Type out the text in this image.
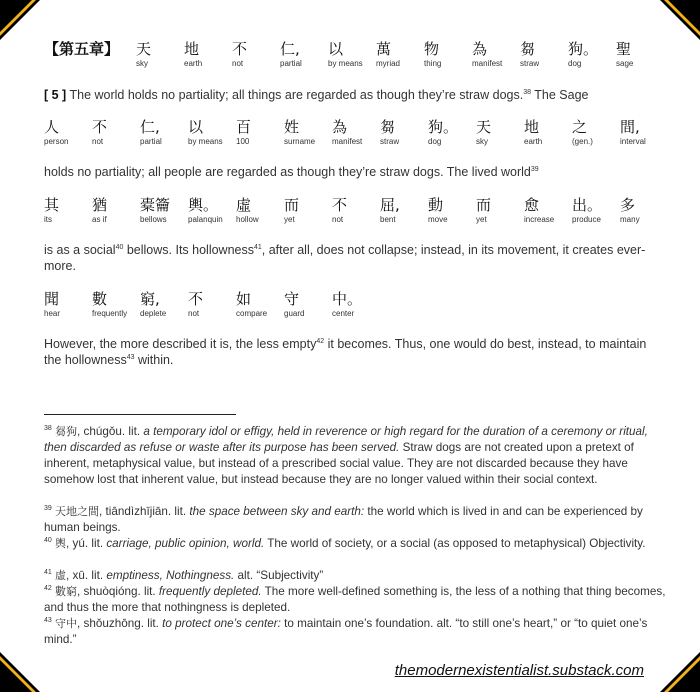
【第五章】	天
sky
地
earth
不
not
仁,
partial
以
by means
萬
myriad
物
thing
為
manifest
芻
straw
狗。
dog
聖
sage
[ 5 ] The world holds no partiality; all things are regarded as though they’re straw dogs.$^{38}$ The Sage
人
person
不
not
仁,
partial
以
by means
百
100
姓
surname
為
manifest
芻
straw
狗。
dog
天
sky
地
earth
之
(gen.)
間,
interval
holds no partiality; all people are regarded as though they’re straw dogs. The lived world$^{39}$
其
its
猶
as if
橐籥
bellows
輿。
palanquin
虛
hollow
而
yet
不
not
屈,
bent
動
move
而
yet
愈
increase
出。
produce
多
many
is as a social$^{40}$ bellows. Its hollowness$^{41}$, after all, does not collapse; instead, in its movement, it creates ever-more.
聞
hear
數
frequently
窮,
deplete
不
not
如
compare
守
guard
中。
center
However, the more described it is, the less empty$^{42}$ it becomes. Thus, one would do best, instead, to maintain the hollowness$^{43}$ within.
$^{38}$ 芻狗, chúgǒu. lit. a temporary idol or effigy, held in reverence or high regard for the duration of a ceremony or ritual, then discarded as refuse or waste after its purpose has been served. Straw dogs are not created upon a pretext of inherent, metaphysical value, but instead of a prescribed social value. They are not discarded because they have somehow lost that inherent value, but instead because they are no longer valued within their social context.
$^{39}$ 天地之間, tiāndìzhījiān. lit. the space between sky and earth: the world which is lived in and can be experienced by human beings.
$^{40}$ 輿, yú. lit. carriage, public opinion, world. The world of society, or a social (as opposed to metaphysical) Objectivity.
$^{41}$ 虛, xū. lit. emptiness, Nothingness. alt. “Subjectivity”
$^{42}$ 數窮, shuòqióng. lit. frequently depleted. The more well-defined something is, the less of a nothing that thing becomes, and thus the more that nothingness is depleted.
$^{43}$ 守中, shǒuzhōng. lit. to protect one’s center: to maintain one’s foundation. alt. “to still one’s heart,” or “to quiet one’s mind.”
themodernexistentialist.substack.com
